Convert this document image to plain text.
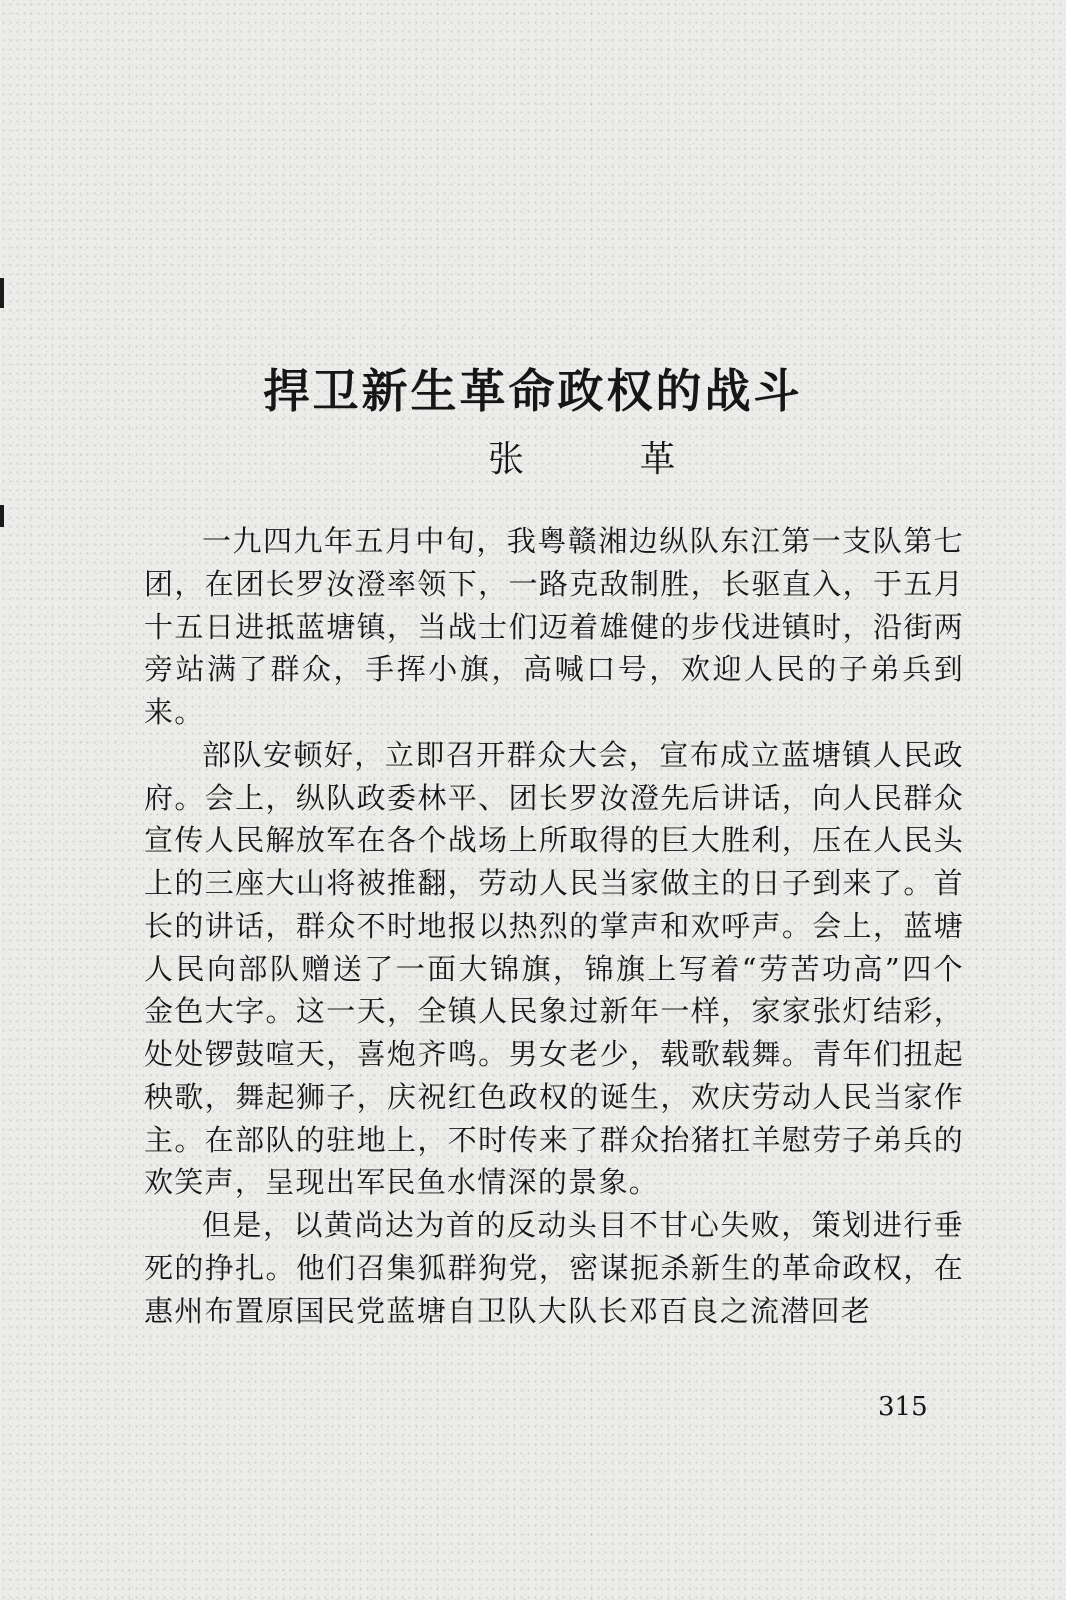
捍卫新生革命政权的战斗
张 革

一九四九年五月中旬，我粤赣湘边纵队东江第一支队第七团，在团长罗汝澄率领下，一路克敌制胜，长驱直入，于五月十五日进抵蓝塘镇，当战士们迈着雄健的步伐进镇时，沿街两旁站满了群众，手挥小旗，高喊口号，欢迎人民的子弟兵到来。

部队安顿好，立即召开群众大会，宣布成立蓝塘镇人民政府。会上，纵队政委林平、团长罗汝澄先后讲话，向人民群众宣传人民解放军在各个战场上所取得的巨大胜利，压在人民头上的三座大山将被推翻，劳动人民当家做主的日子到来了。首长的讲话，群众不时地报以热烈的掌声和欢呼声。会上，蓝塘人民向部队赠送了一面大锦旗，锦旗上写着“劳苦功高”四个金色大字。这一天，全镇人民象过新年一样，家家张灯结彩，处处锣鼓喧天，喜炮齐鸣。男女老少，载歌载舞。青年们扭起秧歌，舞起狮子，庆祝红色政权的诞生，欢庆劳动人民当家作主。在部队的驻地上，不时传来了群众抬猪扛羊慰劳子弟兵的欢笑声，呈现出军民鱼水情深的景象。

但是，以黄尚达为首的反动头目不甘心失败，策划进行垂死的挣扎。他们召集狐群狗党，密谋扼杀新生的革命政权，在惠州布置原国民党蓝塘自卫队大队长邓百良之流潜回老

315
